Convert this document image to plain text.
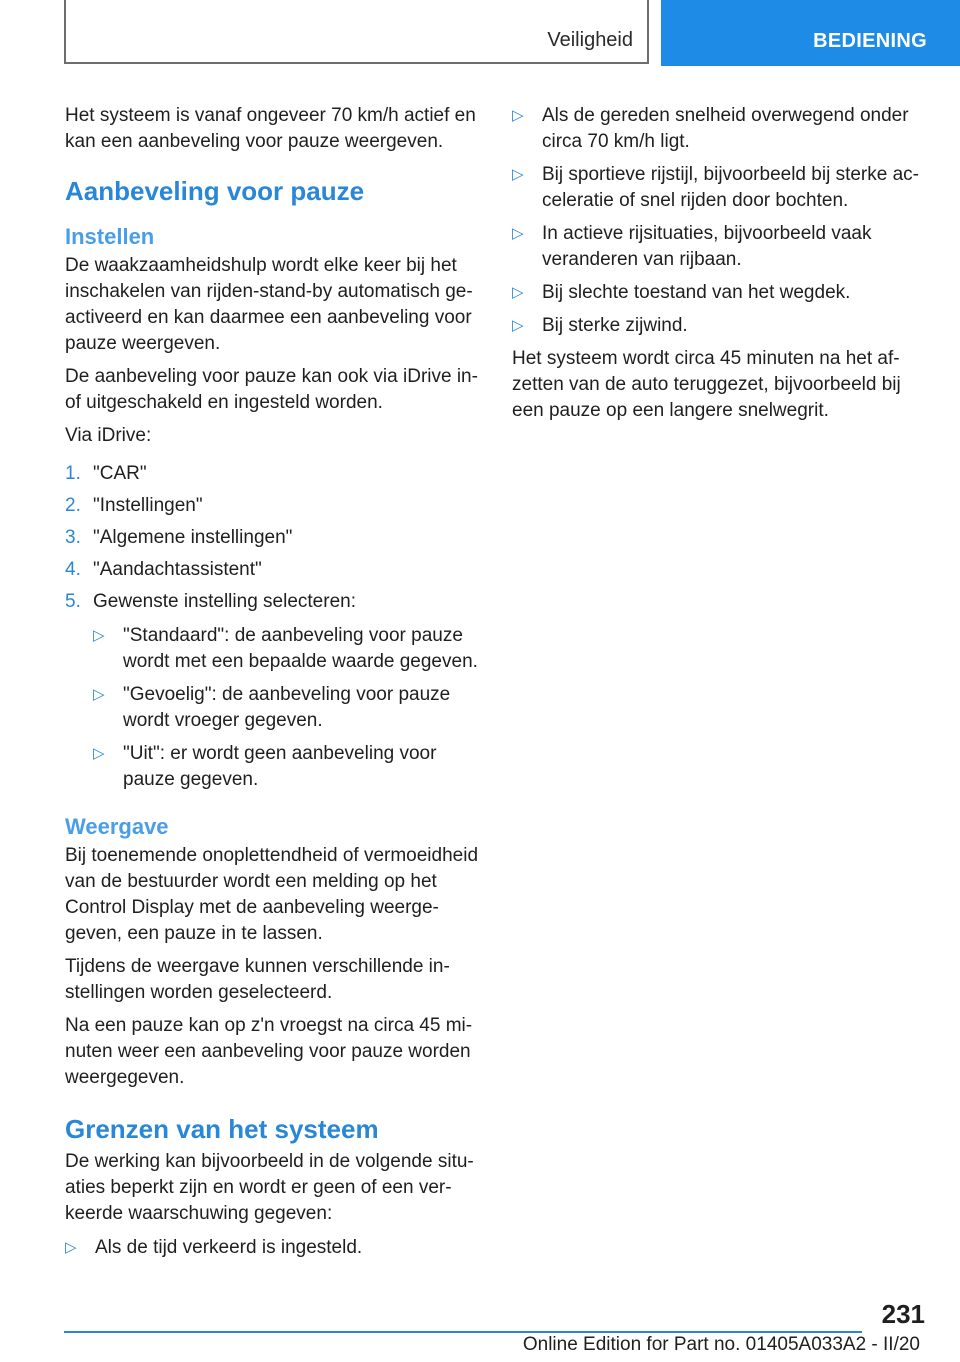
Veiligheid	BEDIENING

Het systeem is vanaf ongeveer 70 km/h actief en kan een aanbeveling voor pauze weergeven.

Aanbeveling voor pauze
Instellen

De waakzaamheidshulp wordt elke keer bij het inschakelen van rijden-stand-by automatisch geactiveerd en kan daarmee een aanbeveling voor pauze weergeven.

De aanbeveling voor pauze kan ook via iDrive in- of uitgeschakeld en ingesteld worden.

Via iDrive:

1. "CAR"
2. "Instellingen"
3. "Algemene instellingen"
4. "Aandachtassistent"
5. Gewenste instelling selecteren:
▷ "Standaard": de aanbeveling voor pauze wordt met een bepaalde waarde gegeven.
▷ "Gevoelig": de aanbeveling voor pauze wordt vroeger gegeven.
▷ "Uit": er wordt geen aanbeveling voor pauze gegeven.
Weergave

Bij toenemende onoplettendheid of vermoeidheid van de bestuurder wordt een melding op het Control Display met de aanbeveling weergegeven, een pauze in te lassen.

Tijdens de weergave kunnen verschillende instellingen worden geselecteerd.

Na een pauze kan op z'n vroegst na circa 45 minuten weer een aanbeveling voor pauze worden weergegeven.

Grenzen van het systeem

De werking kan bijvoorbeeld in de volgende situaties beperkt zijn en wordt er geen of een verkeerde waarschuwing gegeven:

▷ Als de tijd verkeerd is ingesteld.
▷ Als de gereden snelheid overwegend onder circa 70 km/h ligt.
▷ Bij sportieve rijstijl, bijvoorbeeld bij sterke acceleratie of snel rijden door bochten.
▷ In actieve rijsituaties, bijvoorbeeld vaak veranderen van rijbaan.
▷ Bij slechte toestand van het wegdek.
▷ Bij sterke zijwind.

Het systeem wordt circa 45 minuten na het afzetten van de auto teruggezet, bijvoorbeeld bij een pauze op een langere snelwegrit.

231
Online Edition for Part no. 01405A033A2 - II/20
